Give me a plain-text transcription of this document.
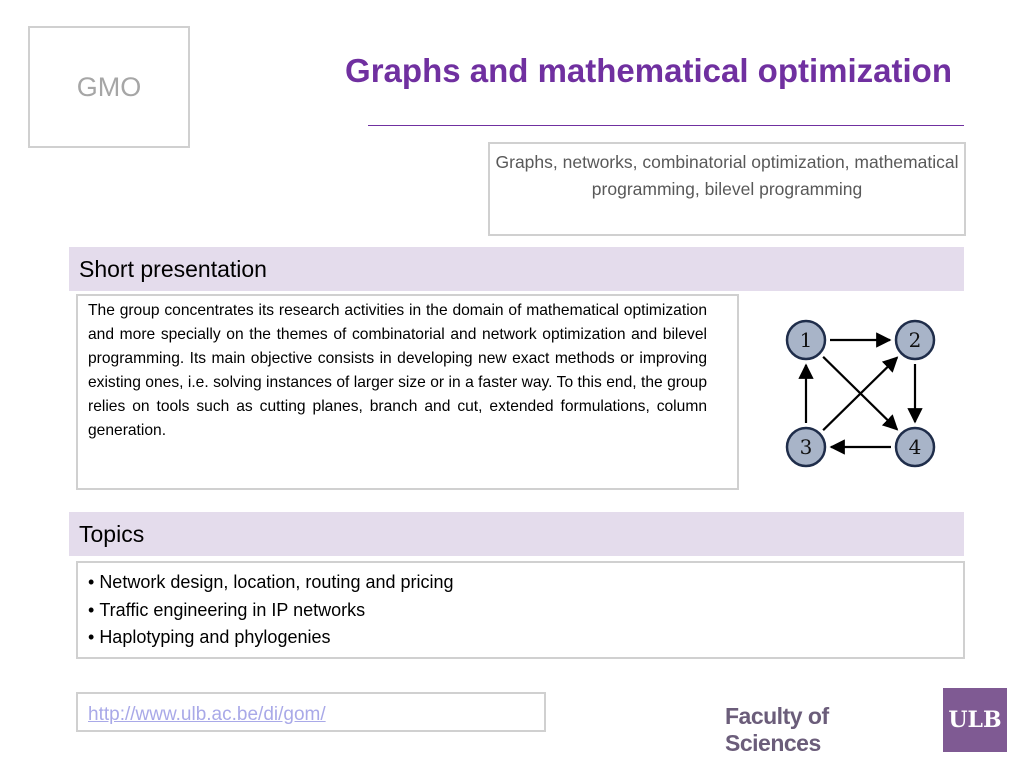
GMO	Graphs and mathematical optimization
Graphs, networks, combinatorial optimization, mathematical programming, bilevel programming
Short presentation
The group concentrates its research activities in the domain of mathematical optimization and more specially on the themes of combinatorial and network optimization and bilevel programming. Its main objective consists in developing new exact methods or improving existing ones, i.e. solving instances of larger size or in a faster way. To this end, the group relies on tools such as cutting planes, branch and cut, extended formulations, column generation.
1	2
3	4
Topics
• Network design, location, routing and pricing
• Traffic engineering in IP networks
• Haplotyping and phylogenies
http://www.ulb.ac.be/di/gom/	Faculty of Sciences
ULB
